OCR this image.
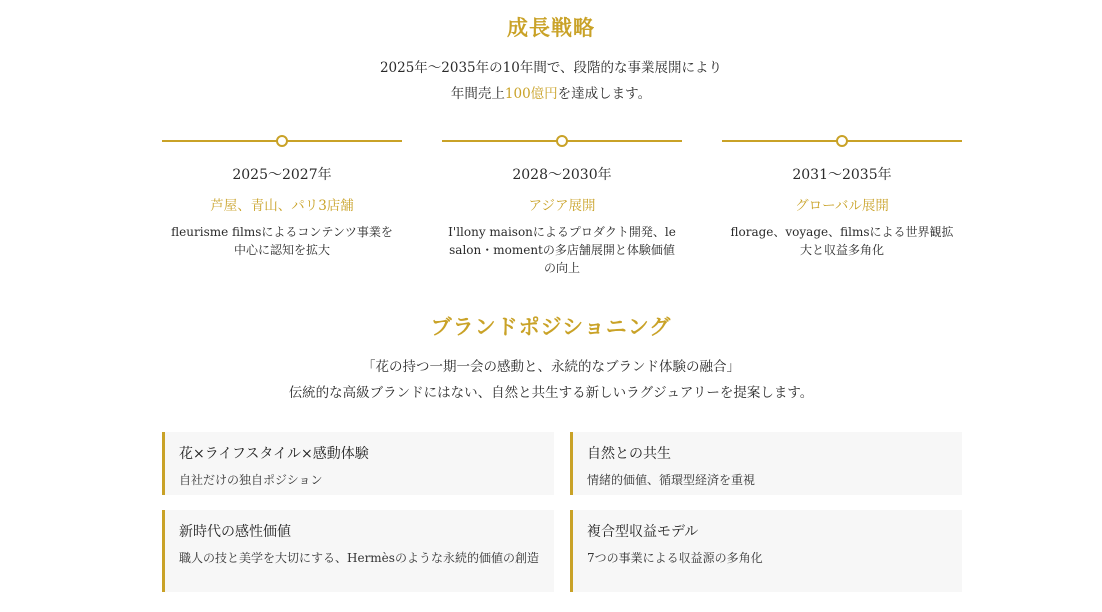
成長戦略
2025年〜2035年の10年間で、段階的な事業展開により
年間売上100億円を達成します。
2025〜2027年
芦屋、青山、パリ3店舗
fleurisme filmsによるコンテンツ事業を中心に認知を拡大
2028〜2030年
アジア展開
I'llony maisonによるプロダクト開発、le salon・momentの多店舗展開と体験価値の向上
2031〜2035年
グローバル展開
florage、voyage、filmsによる世界観拡大と収益多角化
ブランドポジショニング
「花の持つ一期一会の感動と、永続的なブランド体験の融合」
伝統的な高級ブランドにはない、自然と共生する新しいラグジュアリーを提案します。
花×ライフスタイル×感動体験
自社だけの独自ポジション
自然との共生
情緒的価値、循環型経済を重視
新時代の感性価値
職人の技と美学を大切にする、Hermèsのような永続的価値の創造
複合型収益モデル
7つの事業による収益源の多角化
